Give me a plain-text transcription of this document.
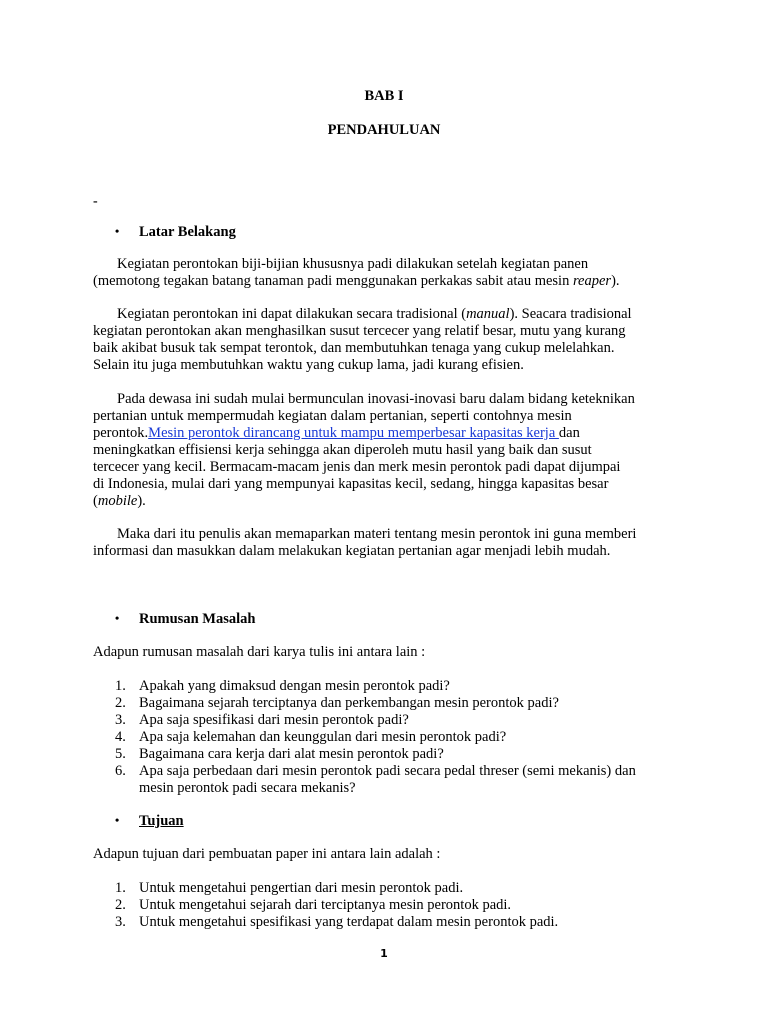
BAB I
PENDAHULUAN
-
• Latar Belakang
Kegiatan perontokan biji-bijian khususnya padi dilakukan setelah kegiatan panen
(memotong tegakan batang tanaman padi menggunakan perkakas sabit atau mesin reaper).
Kegiatan perontokan ini dapat dilakukan secara tradisional (manual). Seacara tradisional
kegiatan perontokan akan menghasilkan susut tercecer yang relatif besar, mutu yang kurang
baik akibat busuk tak sempat terontok, dan membutuhkan tenaga yang cukup melelahkan.
Selain itu juga membutuhkan waktu yang cukup lama, jadi kurang efisien.
Pada dewasa ini sudah mulai bermunculan inovasi-inovasi baru dalam bidang keteknikan
pertanian untuk mempermudah kegiatan dalam pertanian, seperti contohnya mesin
perontok.Mesin perontok dirancang untuk mampu memperbesar kapasitas kerja dan
meningkatkan effisiensi kerja sehingga akan diperoleh mutu hasil yang baik dan susut
tercecer yang kecil. Bermacam-macam jenis dan merk mesin perontok padi dapat dijumpai
di Indonesia, mulai dari yang mempunyai kapasitas kecil, sedang, hingga kapasitas besar
(mobile).
Maka dari itu penulis akan memaparkan materi tentang mesin perontok ini guna memberi
informasi dan masukkan dalam melakukan kegiatan pertanian agar menjadi lebih mudah.
• Rumusan Masalah
Adapun rumusan masalah dari karya tulis ini antara lain :
1. Apakah yang dimaksud dengan mesin perontok padi?
2. Bagaimana sejarah terciptanya dan perkembangan mesin perontok padi?
3. Apa saja spesifikasi dari mesin perontok padi?
4. Apa saja kelemahan dan keunggulan dari mesin perontok padi?
5. Bagaimana cara kerja dari alat mesin perontok padi?
6. Apa saja perbedaan dari mesin perontok padi secara pedal threser (semi mekanis) dan
mesin perontok padi secara mekanis?
• Tujuan
Adapun tujuan dari pembuatan paper ini antara lain adalah :
1. Untuk mengetahui pengertian dari mesin perontok padi.
2. Untuk mengetahui sejarah dari terciptanya mesin perontok padi.
3. Untuk mengetahui spesifikasi yang terdapat dalam mesin perontok padi.
1
